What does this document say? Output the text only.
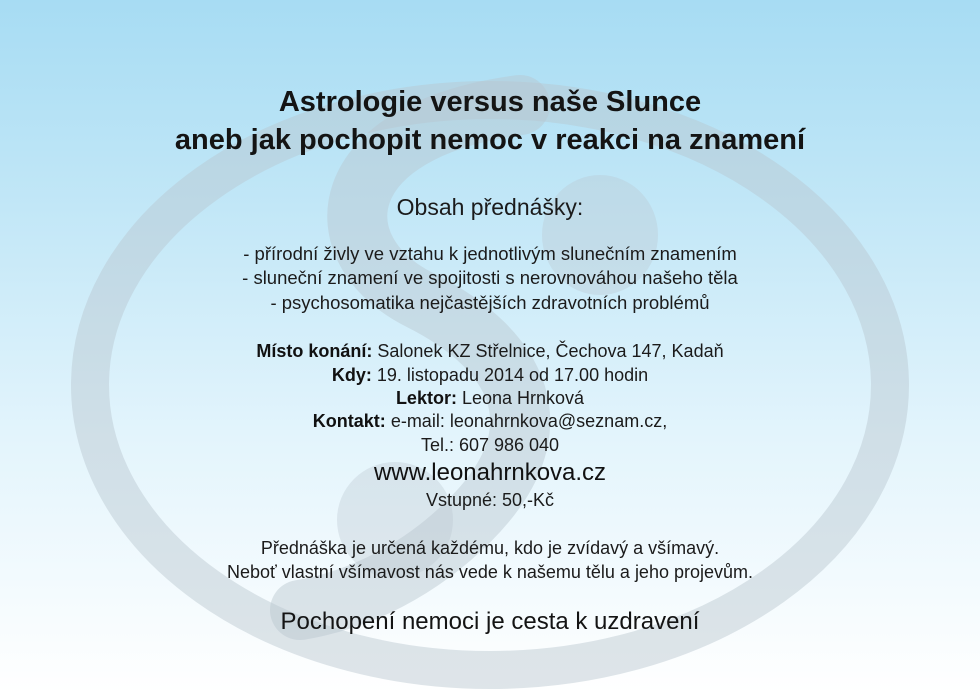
Astrologie versus naše Slunce
aneb jak pochopit nemoc v reakci na znamení
Obsah přednášky:
- přírodní živly ve vztahu k jednotlivým slunečním znamením
- sluneční znamení ve spojitosti s nerovnováhou našeho těla
- psychosomatika nejčastějších zdravotních problémů
Místo konání: Salonek KZ Střelnice, Čechova 147, Kadaň
Kdy: 19. listopadu 2014 od 17.00 hodin
Lektor: Leona Hrnková
Kontakt: e-mail: leonahrnkova@seznam.cz,
Tel.: 607 986 040
www.leonahrnkova.cz
Vstupné: 50,-Kč
Přednáška je určená každému, kdo je zvídavý a všímavý.
Neboť vlastní všímavost nás vede k našemu tělu a jeho projevům.
Pochopení nemoci je cesta k uzdravení
